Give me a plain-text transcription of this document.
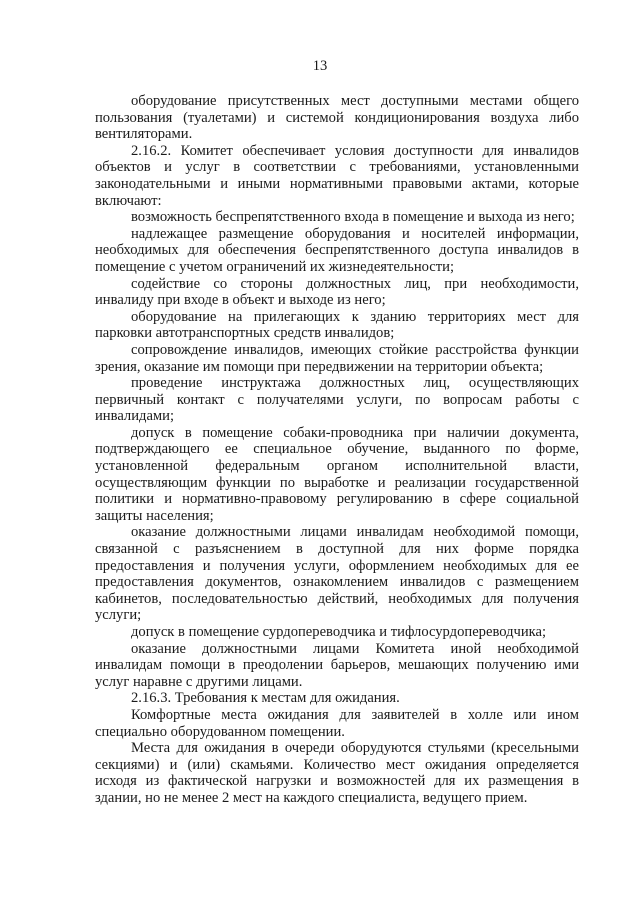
13

оборудование присутственных мест доступными местами общего пользования (туалетами) и системой кондиционирования воздуха либо вентиляторами.

2.16.2. Комитет обеспечивает условия доступности для инвалидов объектов и услуг в соответствии с требованиями, установленными законодательными и иными нормативными правовыми актами, которые включают:

возможность беспрепятственного входа в помещение и выхода из него;

надлежащее размещение оборудования и носителей информации, необходимых для обеспечения беспрепятственного доступа инвалидов в помещение с учетом ограничений их жизнедеятельности;

содействие со стороны должностных лиц, при необходимости, инвалиду при входе в объект и выходе из него;

оборудование на прилегающих к зданию территориях мест для парковки автотранспортных средств инвалидов;

сопровождение инвалидов, имеющих стойкие расстройства функции зрения, оказание им помощи при передвижении на территории объекта;

проведение инструктажа должностных лиц, осуществляющих первичный контакт с получателями услуги, по вопросам работы с инвалидами;

допуск в помещение собаки-проводника при наличии документа, подтверждающего ее специальное обучение, выданного по форме, установленной федеральным органом исполнительной власти, осуществляющим функции по выработке и реализации государственной политики и нормативно-правовому регулированию в сфере социальной защиты населения;

оказание должностными лицами инвалидам необходимой помощи, связанной с разъяснением в доступной для них форме порядка предоставления и получения услуги, оформлением необходимых для ее предоставления документов, ознакомлением инвалидов с размещением кабинетов, последовательностью действий, необходимых для получения услуги;

допуск в помещение сурдопереводчика и тифлосурдопереводчика;

оказание должностными лицами Комитета иной необходимой инвалидам помощи в преодолении барьеров, мешающих получению ими услуг наравне с другими лицами.

2.16.3. Требования к местам для ожидания.

Комфортные места ожидания для заявителей в холле или ином специально оборудованном помещении.

Места для ожидания в очереди оборудуются стульями (кресельными секциями) и (или) скамьями. Количество мест ожидания определяется исходя из фактической нагрузки и возможностей для их размещения в здании, но не менее 2 мест на каждого специалиста, ведущего прием.
